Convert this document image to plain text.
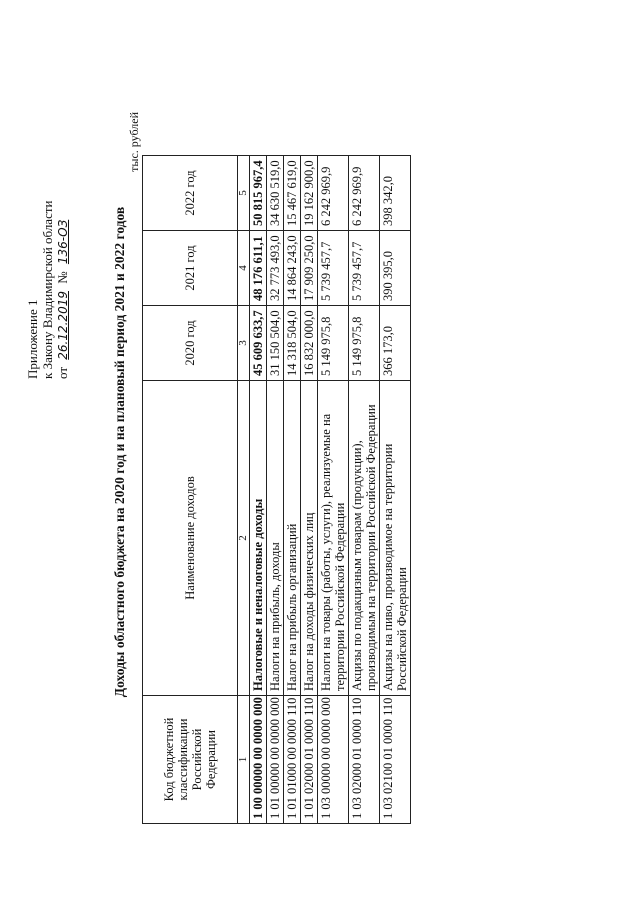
Приложение 1 к Закону Владимирской области от 26.12.2019 № 136-ОЗ	Доходы областного бюджета на 2020 год и на плановый период 2021 и 2022 годов
тыс. рублей
Код бюджетной классификации Российской Федерации	Наименование доходов	2020 год	2021 год	2022 год
1	2	3	4	5
1 00 00000 00 0000 000	Налоговые и неналоговые доходы	45 609 633,7	48 176 611,1	50 815 967,4
1 01 00000 00 0000 000	Налоги на прибыль, доходы	31 150 504,0	32 773 493,0	34 630 519,0
1 01 01000 00 0000 110	Налог на прибыль организаций	14 318 504,0	14 864 243,0	15 467 619,0
1 01 02000 01 0000 110	Налог на доходы физических лиц	16 832 000,0	17 909 250,0	19 162 900,0
1 03 00000 00 0000 000	Налоги на товары (работы, услуги), реализуемые на территории Российской Федерации	5 149 975,8	5 739 457,7	6 242 969,9
1 03 02000 01 0000 110	Акцизы по подакцизным товарам (продукции), производимым на территории Российской Федерации	5 149 975,8	5 739 457,7	6 242 969,9
1 03 02100 01 0000 110	Акцизы на пиво, производимое на территории Российской Федерации	366 173,0	390 395,0	398 342,0
